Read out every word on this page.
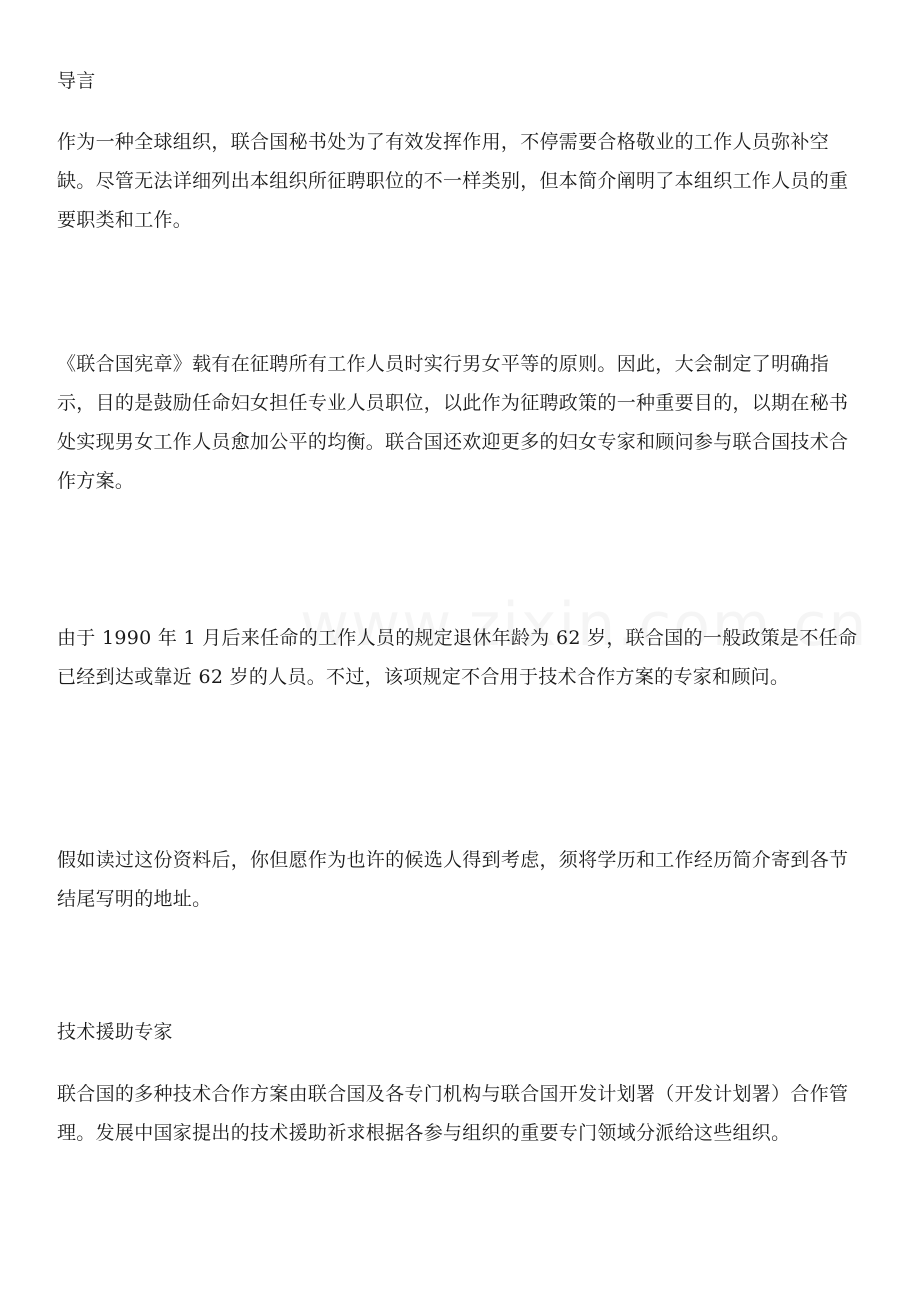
导言

作为一种全球组织，联合国秘书处为了有效发挥作用，不停需要合格敬业的工作人员弥补空缺。尽管无法详细列出本组织所征聘职位的不一样类别，但本简介阐明了本组织工作人员的重要职类和工作。

《联合国宪章》载有在征聘所有工作人员时实行男女平等的原则。因此，大会制定了明确指示，目的是鼓励任命妇女担任专业人员职位，以此作为征聘政策的一种重要目的，以期在秘书处实现男女工作人员愈加公平的均衡。联合国还欢迎更多的妇女专家和顾问参与联合国技术合作方案。

由于 1990 年 1 月后来任命的工作人员的规定退休年龄为 62 岁，联合国的一般政策是不任命已经到达或靠近 62 岁的人员。不过，该项规定不合用于技术合作方案的专家和顾问。

假如读过这份资料后，你但愿作为也许的候选人得到考虑，须将学历和工作经历简介寄到各节结尾写明的地址。

技术援助专家

联合国的多种技术合作方案由联合国及各专门机构与联合国开发计划署（开发计划署）合作管理。发展中国家提出的技术援助祈求根据各参与组织的重要专门领域分派给这些组织。
